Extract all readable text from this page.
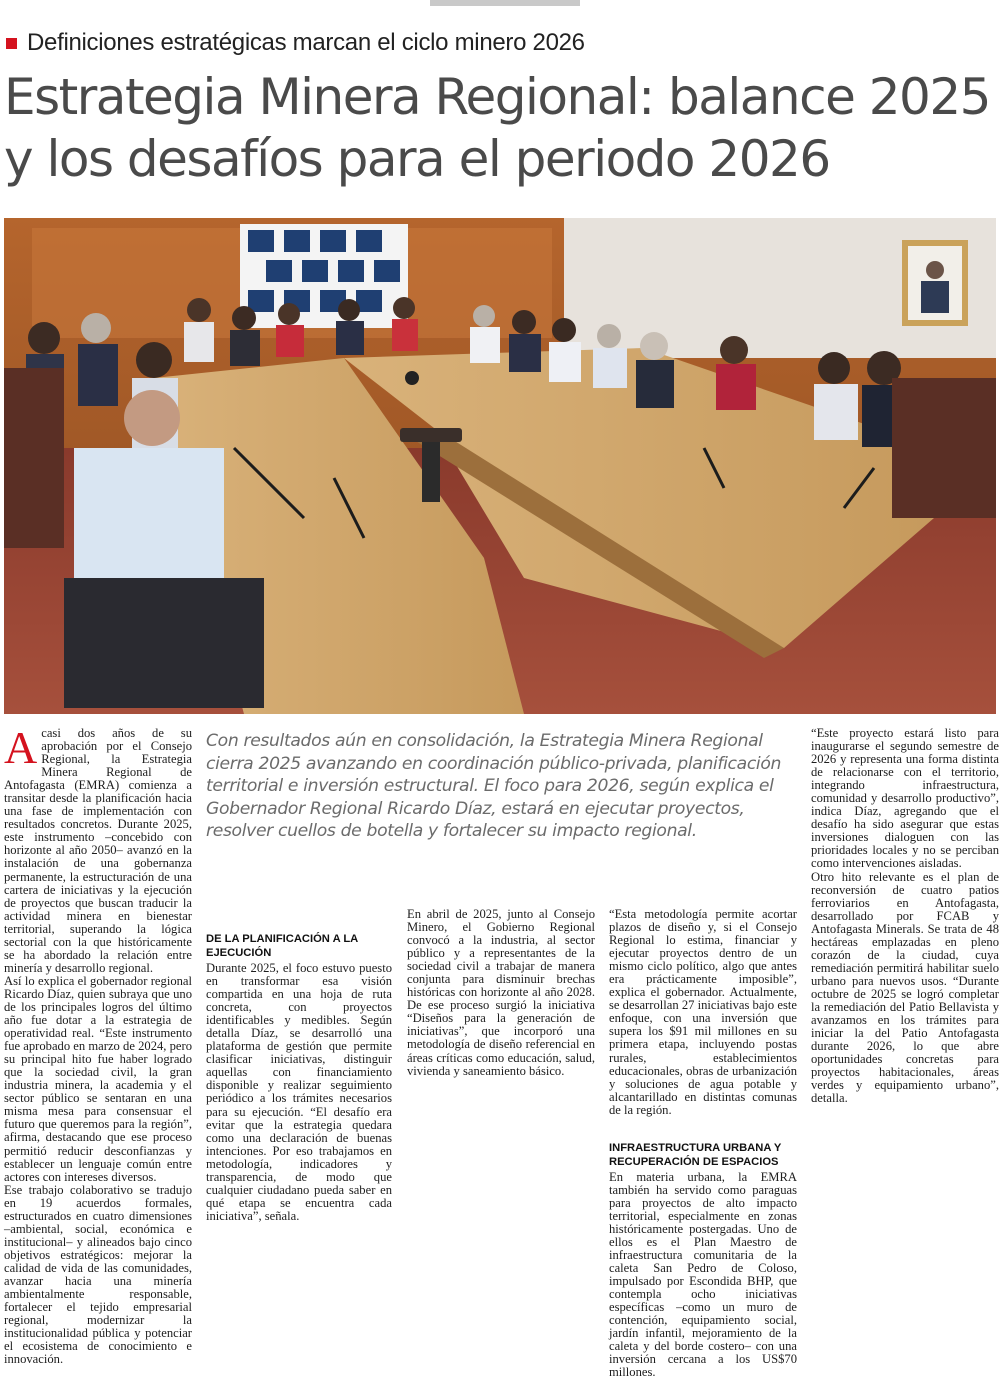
Definiciones estratégicas marcan el ciclo minero 2026
Estrategia Minera Regional: balance 2025 y los desafíos para el periodo 2026
A casi dos años de su aprobación por el Consejo Regional, la Estrategia Minera Regional de Antofagasta (EMRA) comienza a transitar desde la planificación hacia una fase de implementación con resultados concretos. Durante 2025, este instrumento –concebido con horizonte al año 2050– avanzó en la instalación de una gobernanza permanente, la estructuración de una cartera de iniciativas y la ejecución de proyectos que buscan traducir la actividad minera en bienestar territorial, superando la lógica sectorial con la que históricamente se ha abordado la relación entre minería y desarrollo regional.

Así lo explica el gobernador regional Ricardo Díaz, quien subraya que uno de los principales logros del último año fue dotar a la estrategia de operatividad real. “Este instrumento fue aprobado en marzo de 2024, pero su principal hito fue haber logrado que la sociedad civil, la gran industria minera, la academia y el sector público se sentaran en una misma mesa para consensuar el futuro que queremos para la región”, afirma, destacando que ese proceso permitió reducir desconfianzas y establecer un lenguaje común entre actores con intereses diversos.

Ese trabajo colaborativo se tradujo en 19 acuerdos formales, estructurados en cuatro dimensiones –ambiental, social, económica e institucional– y alineados bajo cinco objetivos estratégicos: mejorar la calidad de vida de las comunidades, avanzar hacia una minería ambientalmente responsable, fortalecer el tejido empresarial regional, modernizar la institucionalidad pública y potenciar el ecosistema de conocimiento e innovación.

Con resultados aún en consolidación, la Estrategia Minera Regional cierra 2025 avanzando en coordinación público-privada, planificación territorial e inversión estructural. El foco para 2026, según explica el Gobernador Regional Ricardo Díaz, estará en ejecutar proyectos, resolver cuellos de botella y fortalecer su impacto regional.
DE LA PLANIFICACIÓN A LA EJECUCIÓN

Durante 2025, el foco estuvo puesto en transformar esa visión compartida en una hoja de ruta concreta, con proyectos identificables y medibles. Según detalla Díaz, se desarrolló una plataforma de gestión que permite clasificar iniciativas, distinguir aquellas con financiamiento disponible y realizar seguimiento periódico a los trámites necesarios para su ejecución. “El desafío era evitar que la estrategia quedara como una declaración de buenas intenciones. Por eso trabajamos en metodología, indicadores y transparencia, de modo que cualquier ciudadano pueda saber en qué etapa se encuentra cada iniciativa”, señala.

En abril de 2025, junto al Consejo Minero, el Gobierno Regional convocó a la industria, al sector público y a representantes de la sociedad civil a trabajar de manera conjunta para disminuir brechas históricas con horizonte al año 2028. De ese proceso surgió la iniciativa “Diseños para la generación de iniciativas”, que incorporó una metodología de diseño referencial en áreas críticas como educación, salud, vivienda y saneamiento básico.

“Esta metodología permite acortar plazos de diseño y, si el Consejo Regional lo estima, financiar y ejecutar proyectos dentro de un mismo ciclo político, algo que antes era prácticamente imposible”, explica el gobernador. Actualmente, se desarrollan 27 iniciativas bajo este enfoque, con una inversión que supera los $91 mil millones en su primera etapa, incluyendo postas rurales, establecimientos educacionales, obras de urbanización y soluciones de agua potable y alcantarillado en distintas comunas de la región.

INFRAESTRUCTURA URBANA Y RECUPERACIÓN DE ESPACIOS

En materia urbana, la EMRA también ha servido como paraguas para proyectos de alto impacto territorial, especialmente en zonas históricamente postergadas. Uno de ellos es el Plan Maestro de infraestructura comunitaria de la caleta San Pedro de Coloso, impulsado por Escondida BHP, que contempla ocho iniciativas específicas –como un muro de contención, equipamiento social, jardín infantil, mejoramiento de la caleta y del borde costero– con una inversión cercana a los US$70 millones.

“Este proyecto estará listo para inaugurarse el segundo semestre de 2026 y representa una forma distinta de relacionarse con el territorio, integrando infraestructura, comunidad y desarrollo productivo”, indica Díaz, agregando que el desafío ha sido asegurar que estas inversiones dialoguen con las prioridades locales y no se perciban como intervenciones aisladas.

Otro hito relevante es el plan de reconversión de cuatro patios ferroviarios en Antofagasta, desarrollado por FCAB y Antofagasta Minerals. Se trata de 48 hectáreas emplazadas en pleno corazón de la ciudad, cuya remediación permitirá habilitar suelo urbano para nuevos usos. “Durante octubre de 2025 se logró completar la remediación del Patio Bellavista y avanzamos en los trámites para iniciar la del Patio Antofagasta durante 2026, lo que abre oportunidades concretas para proyectos habitacionales, áreas verdes y equipamiento urbano”, detalla.
